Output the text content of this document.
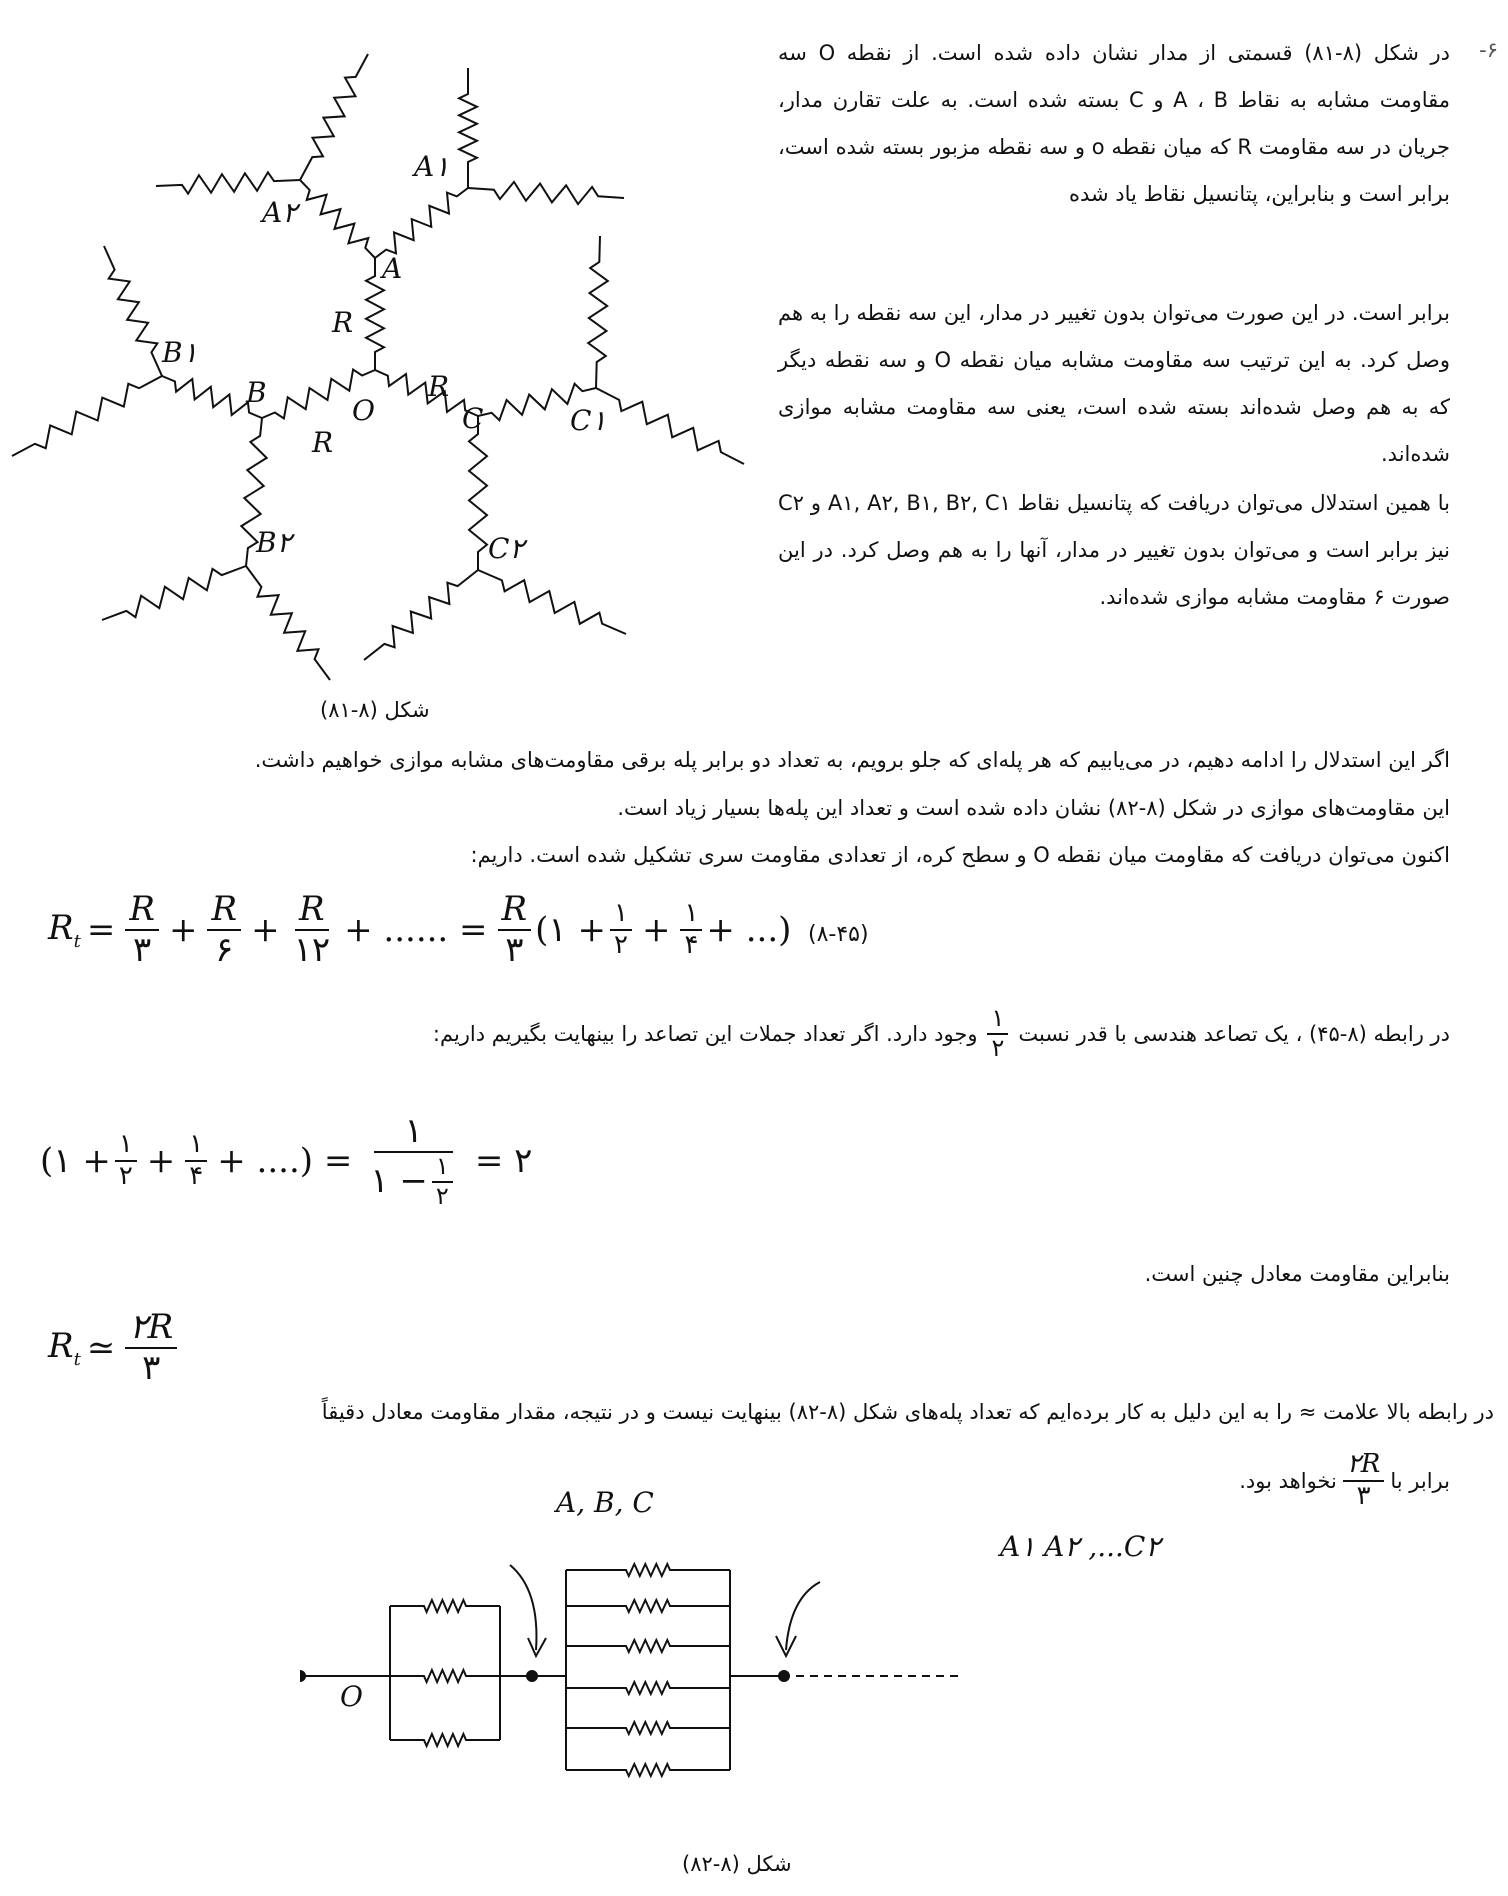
-۶
در شکل (۸-۸۱) قسمتی از مدار نشان داده شده است. از نقطه O سه مقاومت مشابه به نقاط A ، B و C بسته شده است. به علت تقارن مدار، جریان در سه مقاومت R که میان نقطه o و سه نقطه مزبور بسته شده است، برابر است و بنابراین، پتانسیل نقاط یاد شده
برابر است. در این صورت می‌توان بدون تغییر در مدار، این سه نقطه را به هم وصل کرد. به این ترتیب سه مقاومت مشابه میان نقطه O و سه نقطه دیگر که به هم وصل شده‌اند بسته شده است، یعنی سه مقاومت مشابه موازی شده‌اند.
با همین استدلال می‌توان دریافت که پتانسیل نقاط A۱, A۲, B۱, B۲, C۱ و C۲ نیز برابر است و می‌توان بدون تغییر در مدار، آنها را به هم وصل کرد. در این صورت ۶ مقاومت مشابه موازی شده‌اند.
A
B
C
O
R
R
R
A۱
A۲
B۱
B۲
C۱
C۲
شکل (۸-۸۱)
اگر این استدلال را ادامه دهیم، در می‌یابیم که هر پله‌ای که جلو برویم، به تعداد دو برابر پله برقی مقاومت‌های مشابه موازی خواهیم داشت.
این مقاومت‌های موازی در شکل (۸-۸۲) نشان داده شده است و تعداد این پله‌ها بسیار زیاد است.
اکنون می‌توان دریافت که مقاومت میان نقطه O و سطح کره، از تعدادی مقاومت سری تشکیل شده است. داریم:
$R_t = \frac{R}{۳} + \frac{R}{۶} + \frac{R}{۱۲}$ + ...... = $\frac{R}{۳}$ (۱ + $\frac{۱}{۲} + \frac{۱}{۴}$ + ...) (۸-۴۵)
در رابطه (۸-۴۵) ، یک تصاعد هندسی با قدر نسبت
$\frac{۱}{۲}$
وجود دارد. اگر تعداد جملات این تصاعد را بینهایت بگیریم داریم:
(۱ + $\frac{۱}{۲} + \frac{۱}{۴}$ + ....) = $\frac{۱}{۱ - \frac{۱}{۲}}$ = ۲
بنابراین مقاومت معادل چنین است.
$R_t$ ≃ $\frac{۲R}{۳}$
در رابطه بالا علامت ≈ را به این دلیل به کار برده‌ایم که تعداد پله‌های شکل (۸-۸۲) بینهایت نیست و در نتیجه، مقدار مقاومت معادل دقیقاً
برابر با
$\frac{۲R}{۳}$
نخواهد بود.
O
A, B, C
A۱ A۲ ,...C۲
شکل (۸-۸۲)
